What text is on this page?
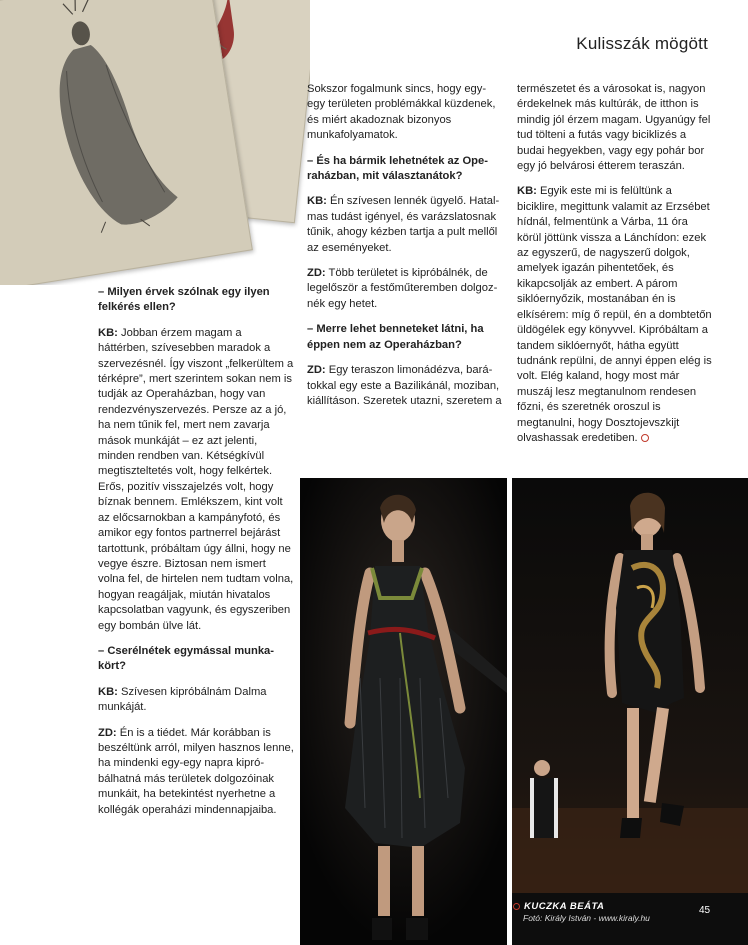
Kulisszák mögött

– Milyen érvek szólnak egy ilyen felkérés ellen?

KB: Jobban érzem magam a háttérben, szívesebben maradok a szervezésnél. Így viszont „felkerültem a térképre”, mert szerintem sokan nem is tudják az Operaházban, hogy van rendezvényszervezés. Persze az a jó, ha nem tűnik fel, mert nem zavarja mások munkáját – ez azt jelenti, minden rendben van. Kétségkívül megtiszteltetés volt, hogy felkértek. Erős, pozitív visszajelzés volt, hogy bíznak bennem. Emlékszem, kint volt az előcsarnokban a kampányfotó, és amikor egy fontos partnerrel bejárást tartottunk, próbáltam úgy állni, hogy ne vegye észre. Biztosan nem ismert volna fel, de hirtelen nem tudtam volna, hogyan reagáljak, miután hivatalos kapcsolatban vagyunk, és egyszeriben egy bombán ülve lát.

– Cserélnétek egymással munkakört?

KB: Szívesen kipróbálnám Dalma munkáját.

ZD: Én is a tiédet. Már korábban is beszéltünk arról, milyen hasznos lenne, ha mindenki egy-egy napra kipróbálhatná más területek dolgozóinak munkáit, ha betekintést nyerhetne a kollégák operaházi mindennapjaiba.

Sokszor fogalmunk sincs, hogy egy-egy területen problémákkal küzdenek, és miért akadoznak bizonyos munkafolyamatok.

– És ha bármik lehetnétek az Operaházban, mit választanátok?

KB: Én szívesen lennék ügyelő. Hatalmas tudást igényel, és varázslatosnak tűnik, ahogy kézben tartja a pult mellől az eseményeket.

ZD: Több területet is kipróbálnék, de legelőször a festőműteremben dolgoznék egy hetet.

– Merre lehet benneteket látni, ha éppen nem az Operaházban?

ZD: Egy teraszon limonádézva, barátokkal egy este a Bazilikánál, moziban, kiállításon. Szeretek utazni, szeretem a

természetet és a városokat is, nagyon érdekelnek más kultúrák, de itthon is mindig jól érzem magam. Ugyanúgy fel tud tölteni a futás vagy biciklizés a budai hegyekben, vagy egy pohár bor egy jó belvárosi étterem teraszán.

KB: Egyik este mi is felültünk a biciklire, megittunk valamit az Erzsébet hídnál, felmentünk a Várba, 11 óra körül jöttünk vissza a Lánchídon: ezek az egyszerű, de nagyszerű dolgok, amelyek igazán pihentetőek, és kikapcsolják az embert. A párom siklóernyőzik, mostanában én is elkísérem: míg ő repül, én a dombtetőn üldögélek egy könyvvel. Kipróbáltam a tandem siklóernyőt, hátha együtt tudnánk repülni, de annyi éppen elég is volt. Elég kaland, hogy most már muszáj lesz megtanulnom rendesen főzni, és szeretnék oroszul is megtanulni, hogy Dosztojevszkijt olvashassak eredetiben.

KUCZKA BEÁTA
Fotó: Király István - www.kiraly.hu
45
